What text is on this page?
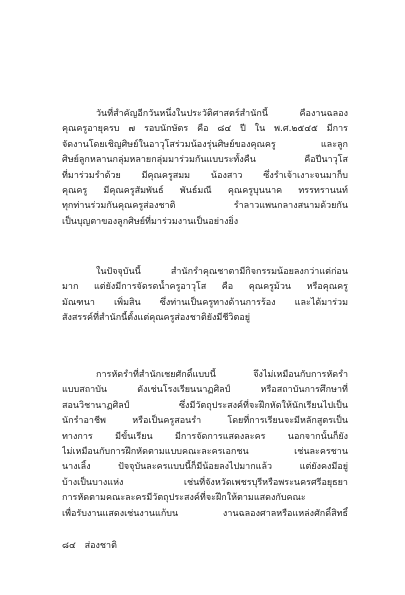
วันที่สำคัญอีกวันหนึ่งในประวัติศาสตร์สำนักนี้ คืองานฉลอง
คุณครูอายุครบ ๗ รอบนักษัตร คือ ๘๔ ปี ใน พ.ศ.๒๕๔๕ มีการ
จัดงานโดยเชิญศิษย์ในอาวุโสร่วมน้องรุ่นศิษย์ของคุณครู และลูก
ศิษย์ลูกหลานกลุ่มหลายกลุ่มมาร่วมกันแบบระทั้งคืน คือปีนาวุโส
ที่มาร่วมรำด้วย มีคุณครูสมม น้องสาว ซึ่งรำเจ้าเงาะจนมาก็บ
คุณครู มีคุณครูสัมพันธ์ พันธ์มณี คุณครูบุนนาค ทรรทรานนท์
ทุกท่านร่วมกันคุณครูส่องชาติ รำลาวแพนกลางสนามด้วยกัน
เป็นบุญตาของลูกศิษย์ที่มาร่วมงานเป็นอย่างยิ่ง
ในปัจจุบันนี้ สำนักรำคุณชาตามีกิจกรรมน้อยลงกว่าแต่ก่อน
มาก แต่ยังมีการจัดรดน้ำครูอาวุโส คือ คุณครูม้วน หรือคุณครู
มัณฑนา เพิ่มสิน ซึ่งท่านเป็นครูทางด้านการร้อง และได้มาร่วม
สังสรรค์ที่สำนักนี้ตั้งแต่คุณครูส่องชาติยังมีชีวิตอยู่
การหัดรำที่สำนักเชยศักดิ์แบบนี้ จึงไม่เหมือนกับการหัดรำ
แบบสถาบัน ดังเช่นโรงเรียนนาฏศิลป์ หรือสถาบันการศึกษาที่
สอนวิชานาฏศิลป์ ซึ่งมีวัตถุประสงค์ที่จะฝึกหัดให้นักเรียนไปเป็น
นักรำอาชีพ หรือเป็นครูสอนรำ โดยที่การเรียนจะมีหลักสูตรเป็น
ทางการ มีขั้นเรียน มีการจัดการแสดงละคร นอกจากนั้นก็ยัง
ไม่เหมือนกับการฝึกหัดตามแบบคณะละครเอกชน เช่นละครชาน
นางเลิ้ง ปัจจุบันละครแบบนี้ก็มีน้อยลงไปมากแล้ว แต่ยังคงมีอยู่
บ้างเป็นบางแห่ง เช่นที่จังหวัดเพชรบุรีหรือพระนครศรีอยุธยา
การหัดตามคณะละครมีวัตถุประสงค์ที่จะฝึกให้ตามแสดงกับคณะ
เพื่อรับงานแสดงเช่นงานแก้บน งานฉลองศาลหรือแหล่งศักดิ์สิทธิ์
๘๔ ส่องชาติ
